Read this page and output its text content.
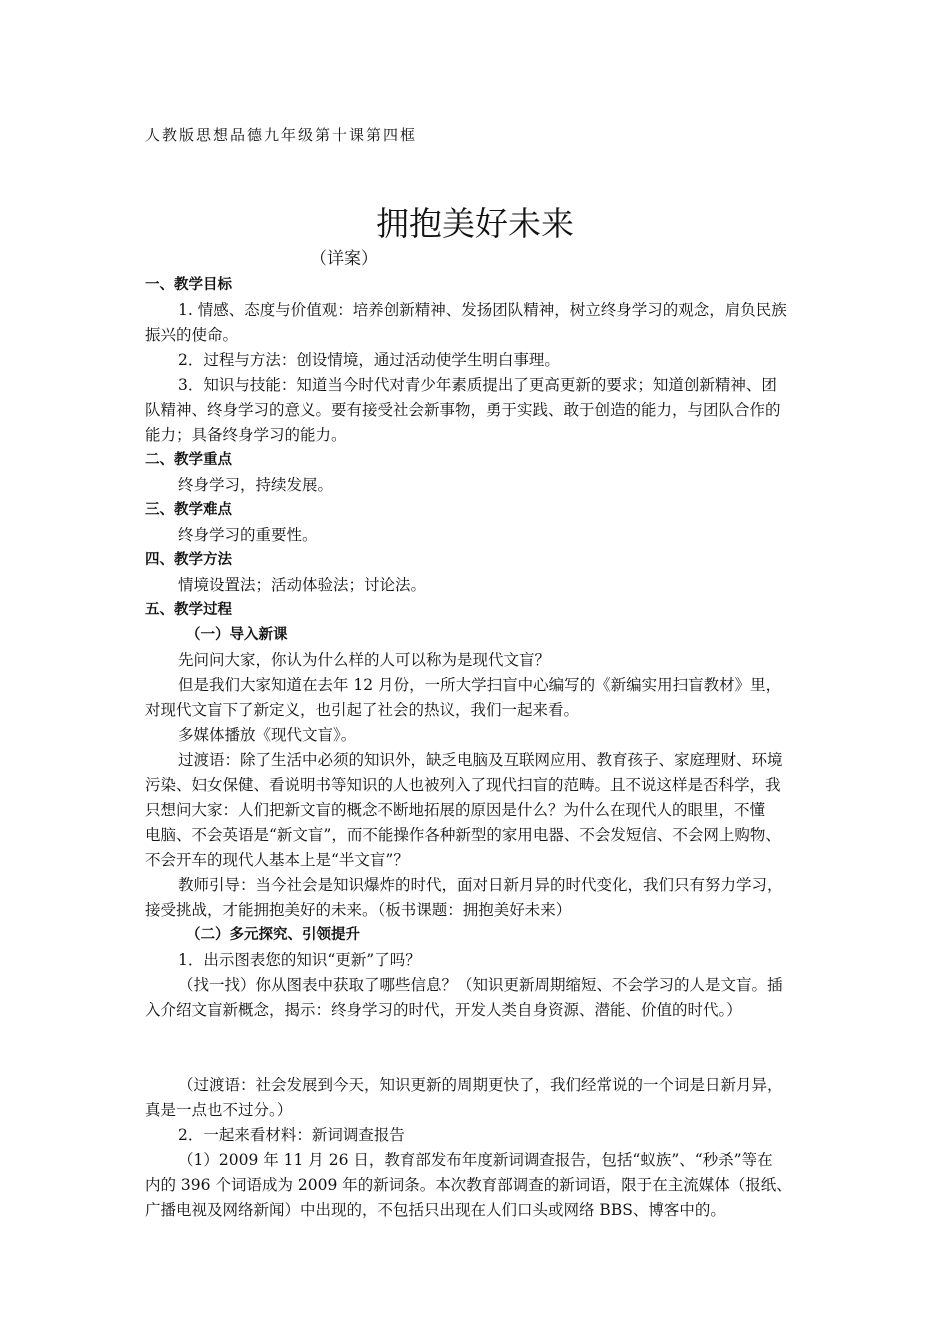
人教版思想品德九年级第十课第四框
拥抱美好未来
（详案）
一、教学目标
1. 情感、态度与价值观：培养创新精神、发扬团队精神，树立终身学习的观念，肩负民族
振兴的使命。
2．过程与方法：创设情境，通过活动使学生明白事理。
3．知识与技能：知道当今时代对青少年素质提出了更高更新的要求；知道创新精神、团
队精神、终身学习的意义。要有接受社会新事物，勇于实践、敢于创造的能力，与团队合作的
能力；具备终身学习的能力。
二、教学重点
终身学习，持续发展。
三、教学难点
终身学习的重要性。
四、教学方法
情境设置法；活动体验法；讨论法。
五、教学过程
（一）导入新课
先问问大家，你认为什么样的人可以称为是现代文盲？
但是我们大家知道在去年 12 月份，一所大学扫盲中心编写的《新编实用扫盲教材》里，
对现代文盲下了新定义，也引起了社会的热议，我们一起来看。
多媒体播放《现代文盲》。
过渡语：除了生活中必须的知识外，缺乏电脑及互联网应用、教育孩子、家庭理财、环境
污染、妇女保健、看说明书等知识的人也被列入了现代扫盲的范畴。且不说这样是否科学，我
只想问大家：人们把新文盲的概念不断地拓展的原因是什么？为什么在现代人的眼里，不懂
电脑、不会英语是“新文盲”，而不能操作各种新型的家用电器、不会发短信、不会网上购物、
不会开车的现代人基本上是“半文盲”？
教师引导：当今社会是知识爆炸的时代，面对日新月异的时代变化，我们只有努力学习，
接受挑战，才能拥抱美好的未来。（板书课题：拥抱美好未来）
（二）多元探究、引领提升
1．出示图表您的知识“更新”了吗？
（找一找）你从图表中获取了哪些信息？（知识更新周期缩短、不会学习的人是文盲。插
入介绍文盲新概念，揭示：终身学习的时代，开发人类自身资源、潜能、价值的时代。）
（过渡语：社会发展到今天，知识更新的周期更快了，我们经常说的一个词是日新月异，
真是一点也不过分。）
2．一起来看材料：新词调查报告
（1）2009 年 11 月 26 日，教育部发布年度新词调查报告，包括“蚁族”、“秒杀”等在
内的 396 个词语成为 2009 年的新词条。本次教育部调查的新词语，限于在主流媒体（报纸、
广播电视及网络新闻）中出现的，不包括只出现在人们口头或网络 BBS、博客中的。
